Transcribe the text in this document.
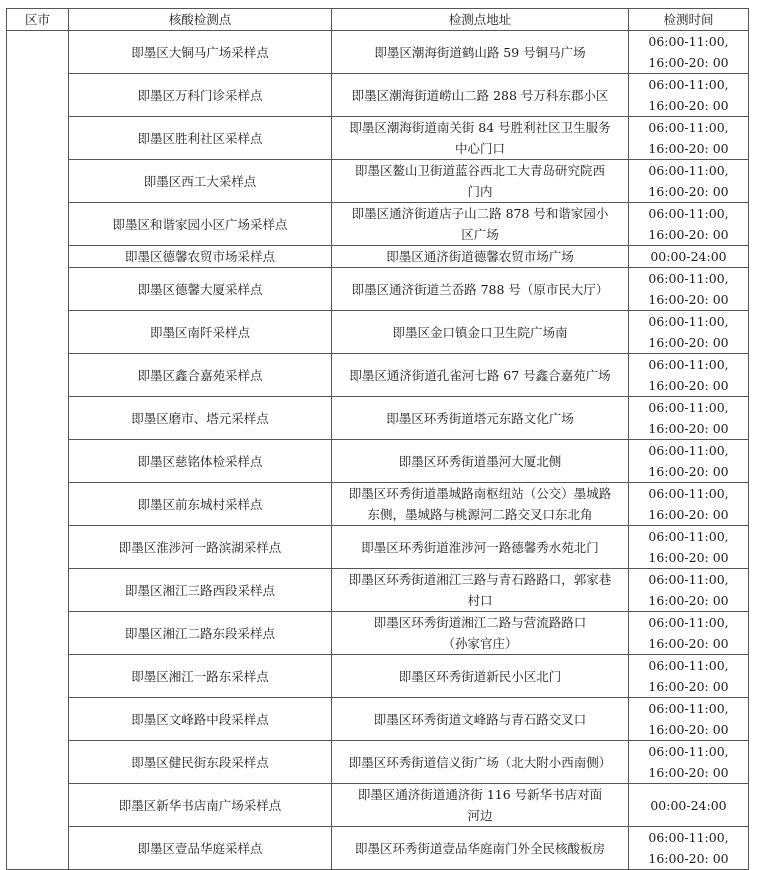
区市	核酸检测点	检测点地址	检测时间
	即墨区大铜马广场采样点	即墨区潮海街道鹤山路 59 号铜马广场	06:00-11:00,
16:00-20: 00
	即墨区万科门诊采样点	即墨区潮海街道崂山二路 288 号万科东郡小区	06:00-11:00,
16:00-20: 00
	即墨区胜利社区采样点	即墨区潮海街道南关街 84 号胜利社区卫生服务
中心门口	06:00-11:00,
16:00-20: 00
	即墨区西工大采样点	即墨区鳌山卫街道蓝谷西北工大青岛研究院西
门内	06:00-11:00,
16:00-20: 00
	即墨区和谐家园小区广场采样点	即墨区通济街道店子山二路 878 号和谐家园小
区广场	06:00-11:00,
16:00-20: 00
	即墨区德馨农贸市场采样点	即墨区通济街道德馨农贸市场广场	00:00-24:00
	即墨区德馨大厦采样点	即墨区通济街道兰岙路 788 号（原市民大厅）	06:00-11:00,
16:00-20: 00
	即墨区南阡采样点	即墨区金口镇金口卫生院广场南	06:00-11:00,
16:00-20: 00
	即墨区鑫合嘉苑采样点	即墨区通济街道孔雀河七路 67 号鑫合嘉苑广场	06:00-11:00,
16:00-20: 00
	即墨区磨市、塔元采样点	即墨区环秀街道塔元东路文化广场	06:00-11:00,
16:00-20: 00
	即墨区慈铭体检采样点	即墨区环秀街道墨河大厦北侧	06:00-11:00,
16:00-20: 00
	即墨区前东城村采样点	即墨区环秀街道墨城路南枢纽站（公交）墨城路
东侧，墨城路与桃源河二路交叉口东北角	06:00-11:00,
16:00-20: 00
	即墨区淮涉河一路滨湖采样点	即墨区环秀街道淮涉河一路德馨秀水苑北门	06:00-11:00,
16:00-20: 00
	即墨区湘江三路西段采样点	即墨区环秀街道湘江三路与青石路路口，郭家巷
村口	06:00-11:00,
16:00-20: 00
	即墨区湘江二路东段采样点	即墨区环秀街道湘江二路与营流路路口
（孙家官庄）	06:00-11:00,
16:00-20: 00
	即墨区湘江一路东采样点	即墨区环秀街道新民小区北门	06:00-11:00,
16:00-20: 00
	即墨区文峰路中段采样点	即墨区环秀街道文峰路与青石路交叉口	06:00-11:00,
16:00-20: 00
	即墨区健民街东段采样点	即墨区环秀街道信义街广场（北大附小西南侧）	06:00-11:00,
16:00-20: 00
	即墨区新华书店南广场采样点	即墨区通济街道通济街 116 号新华书店对面
河边	00:00-24:00
	即墨区壹品华庭采样点	即墨区环秀街道壹品华庭南门外全民核酸板房	06:00-11:00,
16:00-20: 00
